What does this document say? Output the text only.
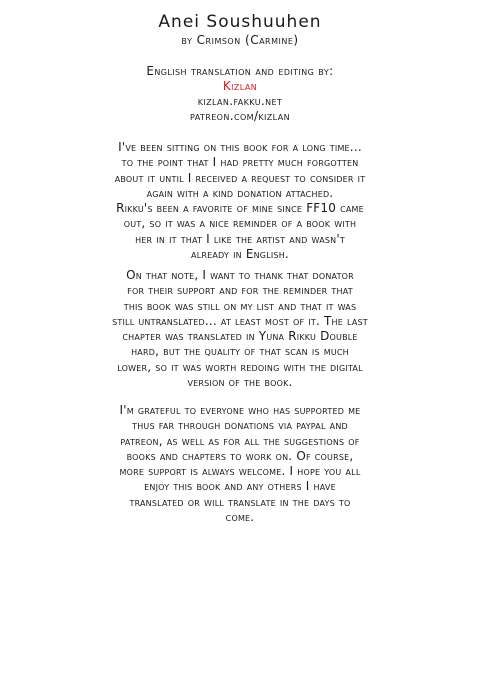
Anei Soushuuhen
by Crimson (Carmine)
English translation and editing by:
Kizlan
kizlan.fakku.net
patreon.com/kizlan
I've been sitting on this book for a long time...
to the point that I had pretty much forgotten
about it until I received a request to consider it
again with a kind donation attached.
Rikku's been a favorite of mine since FF10 came
out, so it was a nice reminder of a book with
her in it that I like the artist and wasn't
already in English.
On that note, I want to thank that donator
for their support and for the reminder that
this book was still on my list and that it was
still untranslated... at least most of it. The last
chapter was translated in Yuna Rikku Double
hard, but the quality of that scan is much
lower, so it was worth redoing with the digital
version of the book.
I'm grateful to everyone who has supported me
thus far through donations via paypal and
patreon, as well as for all the suggestions of
books and chapters to work on. Of course,
more support is always welcome. I hope you all
enjoy this book and any others I have
translated or will translate in the days to
come.
